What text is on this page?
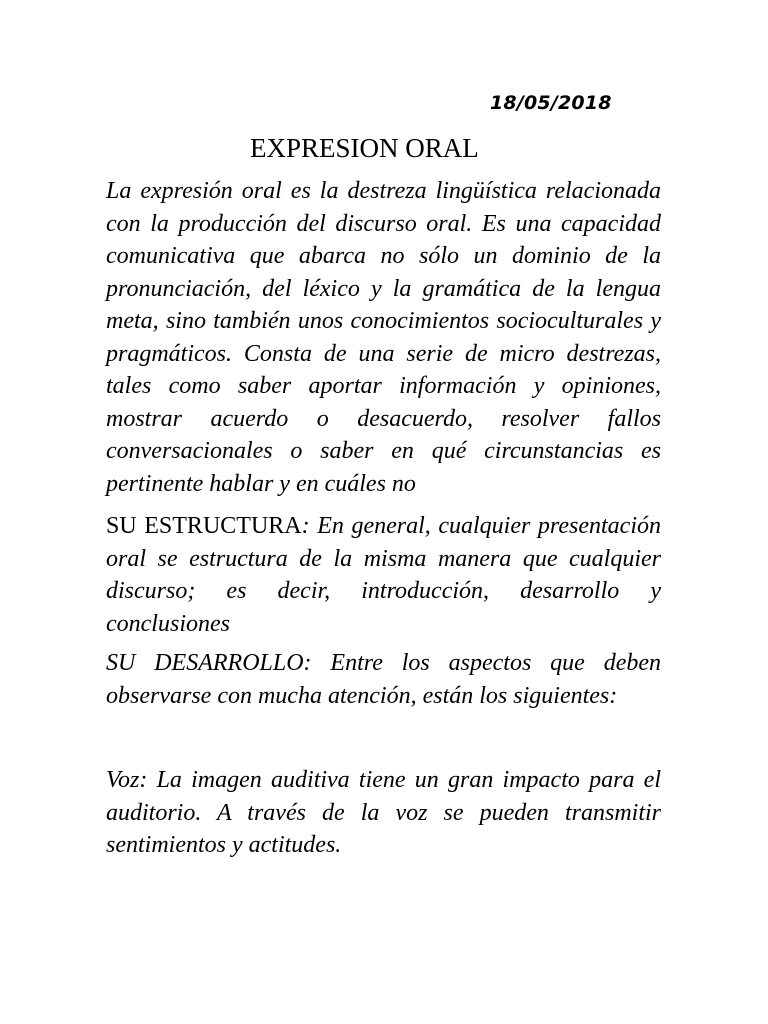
18/05/2018
EXPRESION ORAL

La expresión oral es la destreza lingüística relacionada con la producción del discurso oral. Es una capacidad comunicativa que abarca no sólo un dominio de la pronunciación, del léxico y la gramática de la lengua meta, sino también unos conocimientos socioculturales y pragmáticos. Consta de una serie de micro destrezas, tales como saber aportar información y opiniones, mostrar acuerdo o desacuerdo, resolver fallos conversacionales o saber en qué circunstancias es pertinente hablar y en cuáles no

SU ESTRUCTURA: En general, cualquier presentación oral se estructura de la misma manera que cualquier discurso; es decir, introducción, desarrollo y conclusiones

SU DESARROLLO: Entre los aspectos que deben observarse con mucha atención, están los siguientes:

Voz: La imagen auditiva tiene un gran impacto para el auditorio. A través de la voz se pueden transmitir sentimientos y actitudes.
